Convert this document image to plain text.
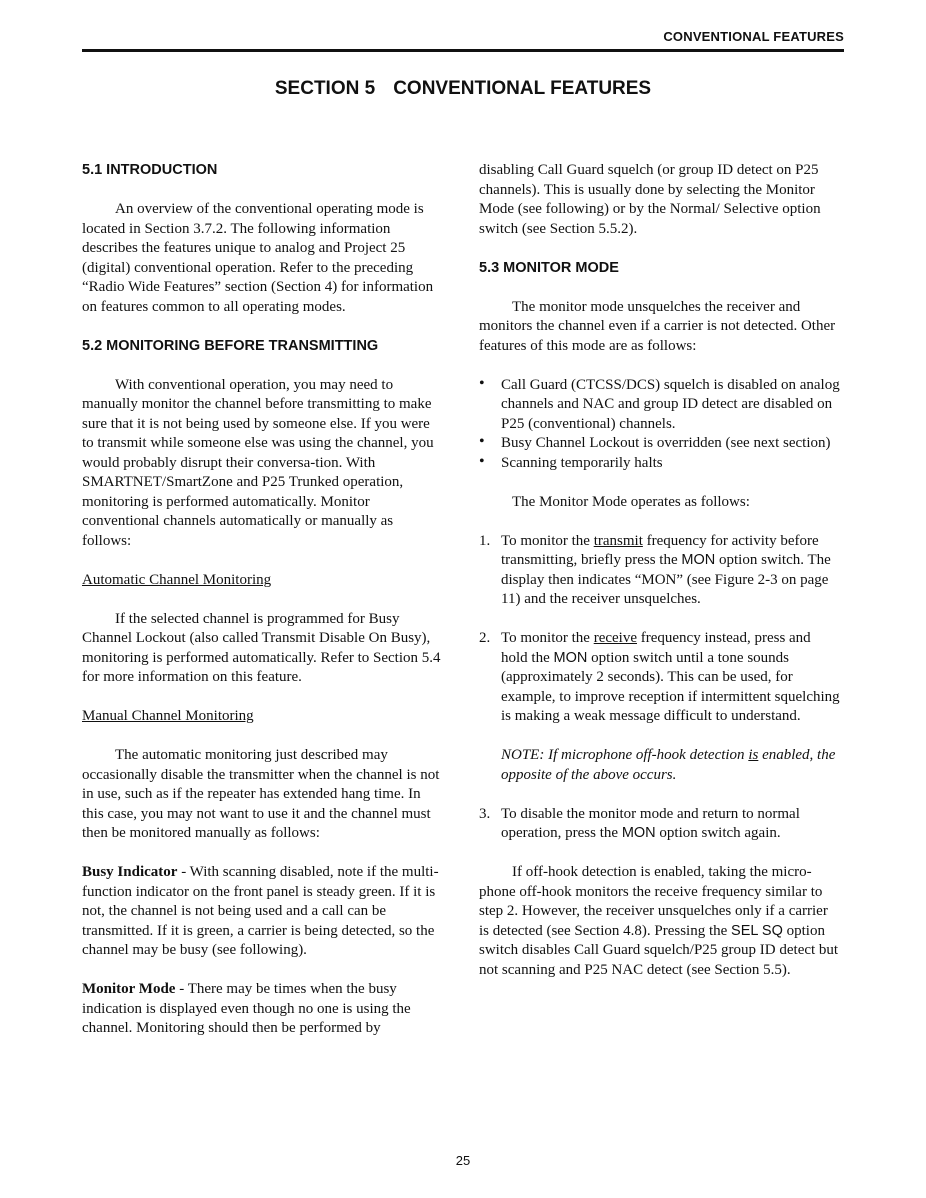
CONVENTIONAL FEATURES
SECTION 5 CONVENTIONAL FEATURES
5.1 INTRODUCTION

An overview of the conventional operating mode is located in Section 3.7.2. The following information describes the features unique to analog and Project 25 (digital) conventional operation. Refer to the preceding “Radio Wide Features” section (Section 4) for information on features common to all operating modes.

5.2 MONITORING BEFORE TRANSMITTING

With conventional operation, you may need to manually monitor the channel before transmitting to make sure that it is not being used by someone else. If you were to transmit while someone else was using the channel, you would probably disrupt their conversa-tion. With SMARTNET/SmartZone and P25 Trunked operation, monitoring is performed automatically. Monitor conventional channels automatically or manually as follows:

Automatic Channel Monitoring

If the selected channel is programmed for Busy Channel Lockout (also called Transmit Disable On Busy), monitoring is performed automatically. Refer to Section 5.4 for more information on this feature.

Manual Channel Monitoring

The automatic monitoring just described may occasionally disable the transmitter when the channel is not in use, such as if the repeater has extended hang time. In this case, you may not want to use it and the channel must then be monitored manually as follows:

Busy Indicator - With scanning disabled, note if the multi-function indicator on the front panel is steady green. If it is not, the channel is not being used and a call can be transmitted. If it is green, a carrier is being detected, so the channel may be busy (see following).

Monitor Mode - There may be times when the busy indication is displayed even though no one is using the channel. Monitoring should then be performed by

disabling Call Guard squelch (or group ID detect on P25 channels). This is usually done by selecting the Monitor Mode (see following) or by the Normal/ Selective option switch (see Section 5.5.2).

5.3 MONITOR MODE

The monitor mode unsquelches the receiver and monitors the channel even if a carrier is not detected. Other features of this mode are as follows:

• Call Guard (CTCSS/DCS) squelch is disabled on analog channels and NAC and group ID detect are disabled on P25 (conventional) channels.
• Busy Channel Lockout is overridden (see next section)
• Scanning temporarily halts

The Monitor Mode operates as follows:

1. To monitor the transmit frequency for activity before transmitting, briefly press the MON option switch. The display then indicates “MON” (see Figure 2-3 on page 11) and the receiver unsquelches.
2. To monitor the receive frequency instead, press and hold the MON option switch until a tone sounds (approximately 2 seconds). This can be used, for example, to improve reception if intermittent squelching is making a weak message difficult to understand.
NOTE: If microphone off-hook detection is enabled, the opposite of the above occurs.
3. To disable the monitor mode and return to normal operation, press the MON option switch again.

If off-hook detection is enabled, taking the micro-phone off-hook monitors the receive frequency similar to step 2. However, the receiver unsquelches only if a carrier is detected (see Section 4.8). Pressing the SEL SQ option switch disables Call Guard squelch/P25 group ID detect but not scanning and P25 NAC detect (see Section 5.5).

25
